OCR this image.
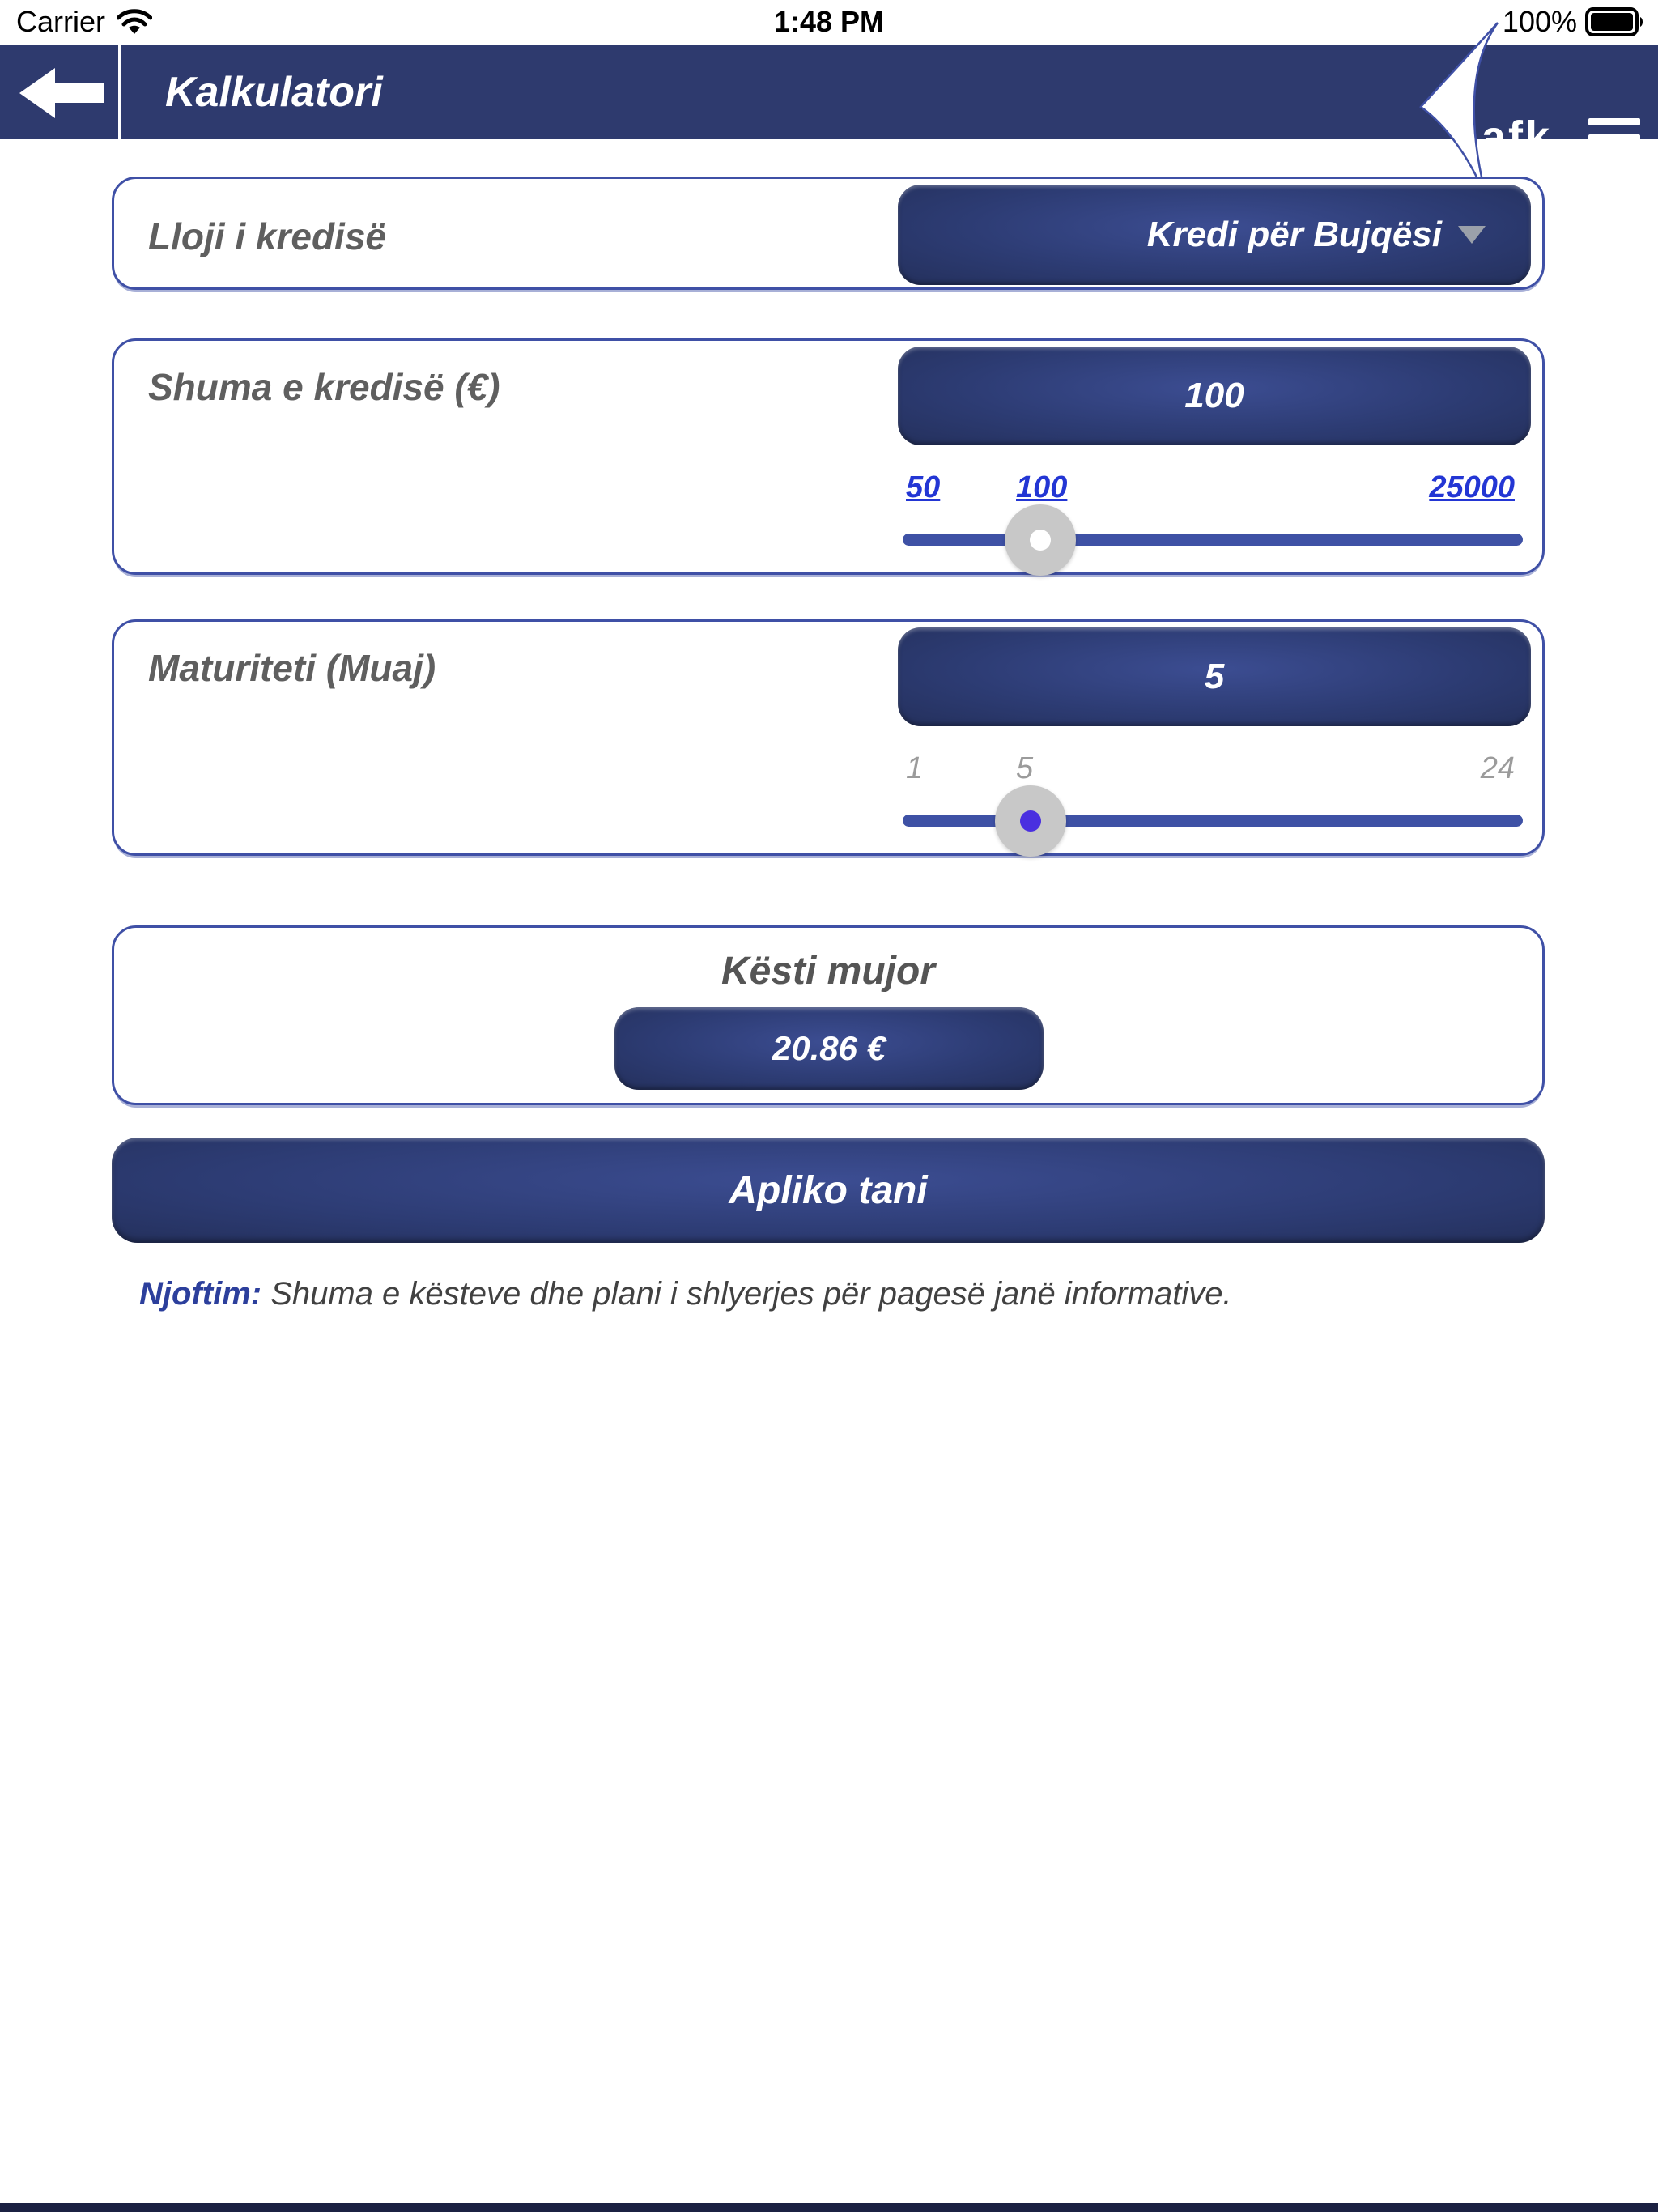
Carrier	1:48 PM	100%
Kalkulatori
afk
Lloji i kredisë	Kredi për Bujqësi
Shuma e kredisë (€)	100
50 100	25000
Maturiteti (Muaj)	5
1	5	24
Kësti mujor
20.86 €
Apliko tani

Njoftim: Shuma e kësteve dhe plani i shlyerjes për pagesë janë informative.
